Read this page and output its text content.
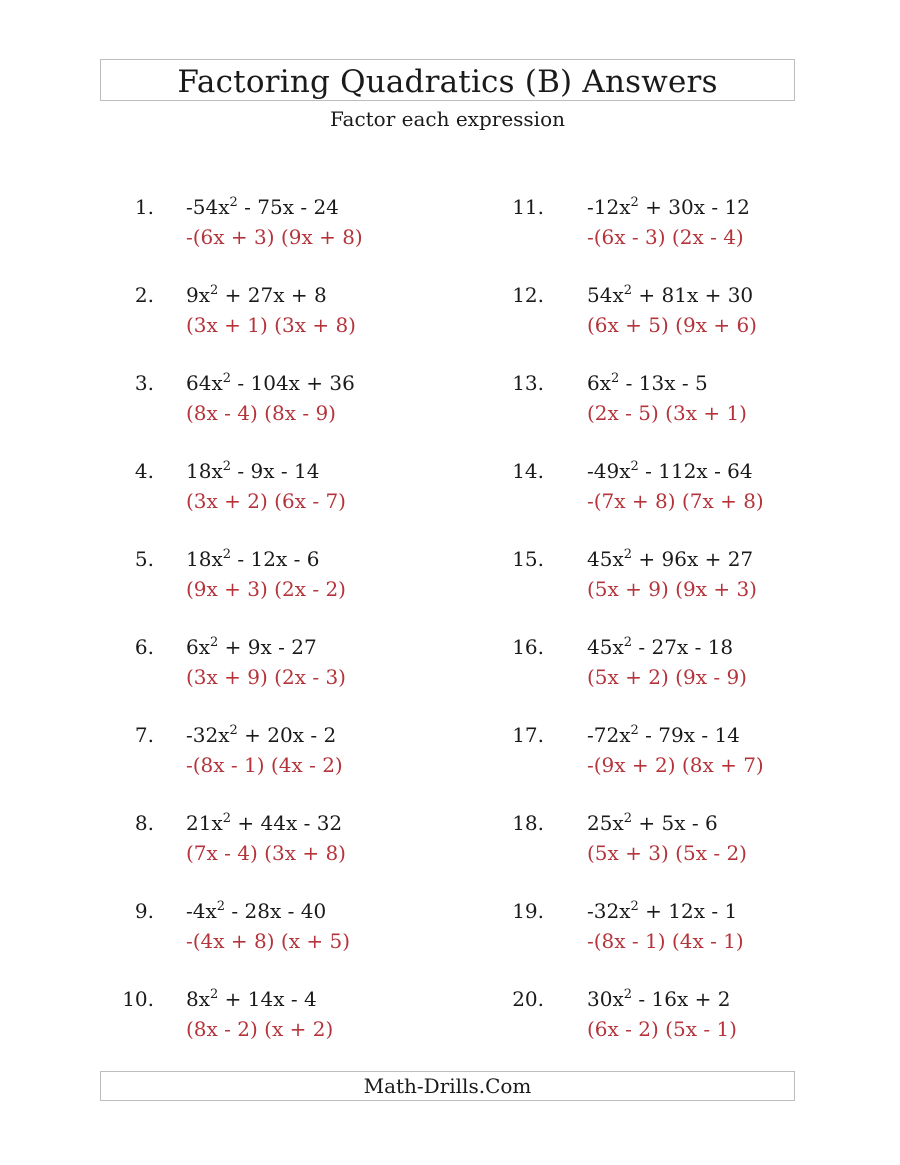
Factoring Quadratics (B) Answers
Factor each expression
1. $-54x^2 - 75x - 24$
-(6x + 3) (9x + 8)
2. $9x^2 + 27x + 8$
(3x + 1) (3x + 8)
3. $64x^2 - 104x + 36$
(8x - 4) (8x - 9)
4. $18x^2 - 9x - 14$
(3x + 2) (6x - 7)
5. $18x^2 - 12x - 6$
(9x + 3) (2x - 2)
6. $6x^2 + 9x - 27$
(3x + 9) (2x - 3)
7. $-32x^2 + 20x - 2$
-(8x - 1) (4x - 2)
8. $21x^2 + 44x - 32$
(7x - 4) (3x + 8)
9. $-4x^2 - 28x - 40$
-(4x + 8) (x + 5)
10. $8x^2 + 14x - 4$
(8x - 2) (x + 2)
11. $-12x^2 + 30x - 12$
-(6x - 3) (2x - 4)
12. $54x^2 + 81x + 30$
(6x + 5) (9x + 6)
13. $6x^2 - 13x - 5$
(2x - 5) (3x + 1)
14. $-49x^2 - 112x - 64$
-(7x + 8) (7x + 8)
15. $45x^2 + 96x + 27$
(5x + 9) (9x + 3)
16. $45x^2 - 27x - 18$
(5x + 2) (9x - 9)
17. $-72x^2 - 79x - 14$
-(9x + 2) (8x + 7)
18. $25x^2 + 5x - 6$
(5x + 3) (5x - 2)
19. $-32x^2 + 12x - 1$
-(8x - 1) (4x - 1)
20. $30x^2 - 16x + 2$
(6x - 2) (5x - 1)
Math-Drills.Com
